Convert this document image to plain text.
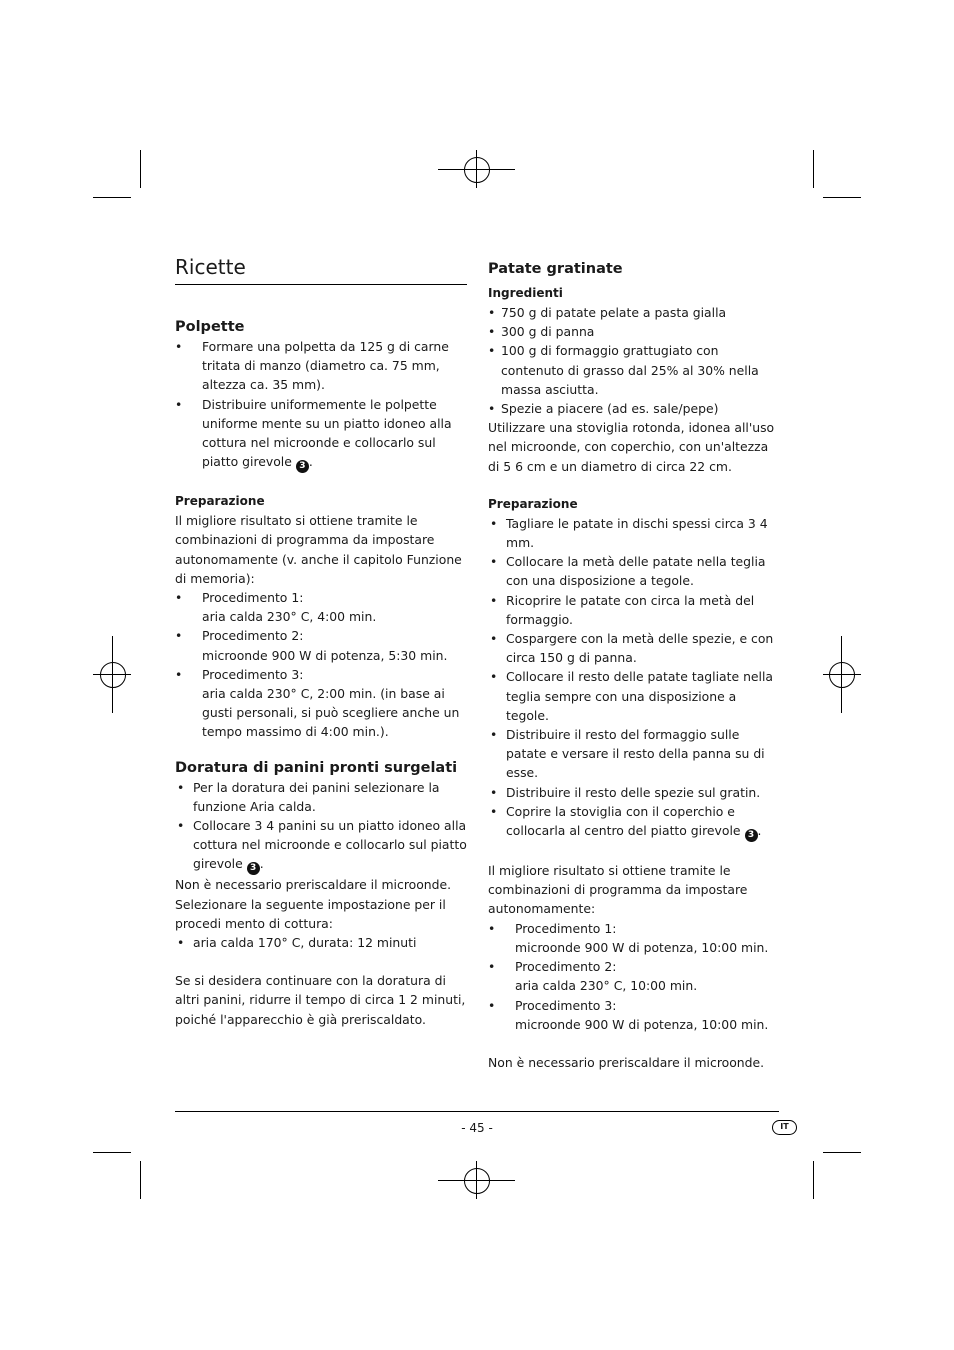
Ricette
Polpette
• Formare una polpetta da 125 g di carne tritata di manzo (diametro ca. 75 mm, altezza ca. 35 mm).
• Distribuire uniformemente le polpette uniforme mente su un piatto idoneo alla cottura nel microonde e collocarlo sul piatto girevole 3 .
Preparazione

Il migliore risultato si ottiene tramite le combinazioni di programma da impostare autonomamente (v. anche il capitolo Funzione di memoria):

• Procedimento 1:
aria calda 230° C, 4:00 min.
• Procedimento 2:
microonde 900 W di potenza, 5:30 min.
• Procedimento 3:
aria calda 230° C, 2:00 min. (in base ai gusti personali, si può scegliere anche un tempo massimo di 4:00 min.).
Doratura di panini pronti surgelati
• Per la doratura dei panini selezionare la funzione Aria calda.
• Collocare 3 4 panini su un piatto idoneo alla cottura nel microonde e collocarlo sul piatto girevole 3 .

Non è necessario preriscaldare il microonde.

Selezionare la seguente impostazione per il procedi mento di cottura:

• aria calda 170° C, durata: 12 minuti

Se si desidera continuare con la doratura di altri panini, ridurre il tempo di circa 1 2 minuti, poiché l'apparecchio è già preriscaldato.

Patate gratinate
Ingredienti
• 750 g di patate pelate a pasta gialla
• 300 g di panna
• 100 g di formaggio grattugiato con contenuto di grasso dal 25% al 30% nella massa asciutta.
• Spezie a piacere (ad es. sale/pepe)

Utilizzare una stoviglia rotonda, idonea all'uso nel microonde, con coperchio, con un'altezza di 5 6 cm e un diametro di circa 22 cm.

Preparazione
• Tagliare le patate in dischi spessi circa 3 4 mm.
• Collocare la metà delle patate nella teglia con una disposizione a tegole.
• Ricoprire le patate con circa la metà del formaggio.
• Cospargere con la metà delle spezie, e con circa 150 g di panna.
• Collocare il resto delle patate tagliate nella teglia sempre con una disposizione a tegole.
• Distribuire il resto del formaggio sulle patate e versare il resto della panna su di esse.
• Distribuire il resto delle spezie sul gratin.
• Coprire la stoviglia con il coperchio e collocarla al centro del piatto girevole 3 .

Il migliore risultato si ottiene tramite le combinazioni di programma da impostare autonomamente:

• Procedimento 1:
microonde 900 W di potenza, 10:00 min.
• Procedimento 2:
aria calda 230° C, 10:00 min.
• Procedimento 3:
microonde 900 W di potenza, 10:00 min.

Non è necessario preriscaldare il microonde.

- 45 -	IT
